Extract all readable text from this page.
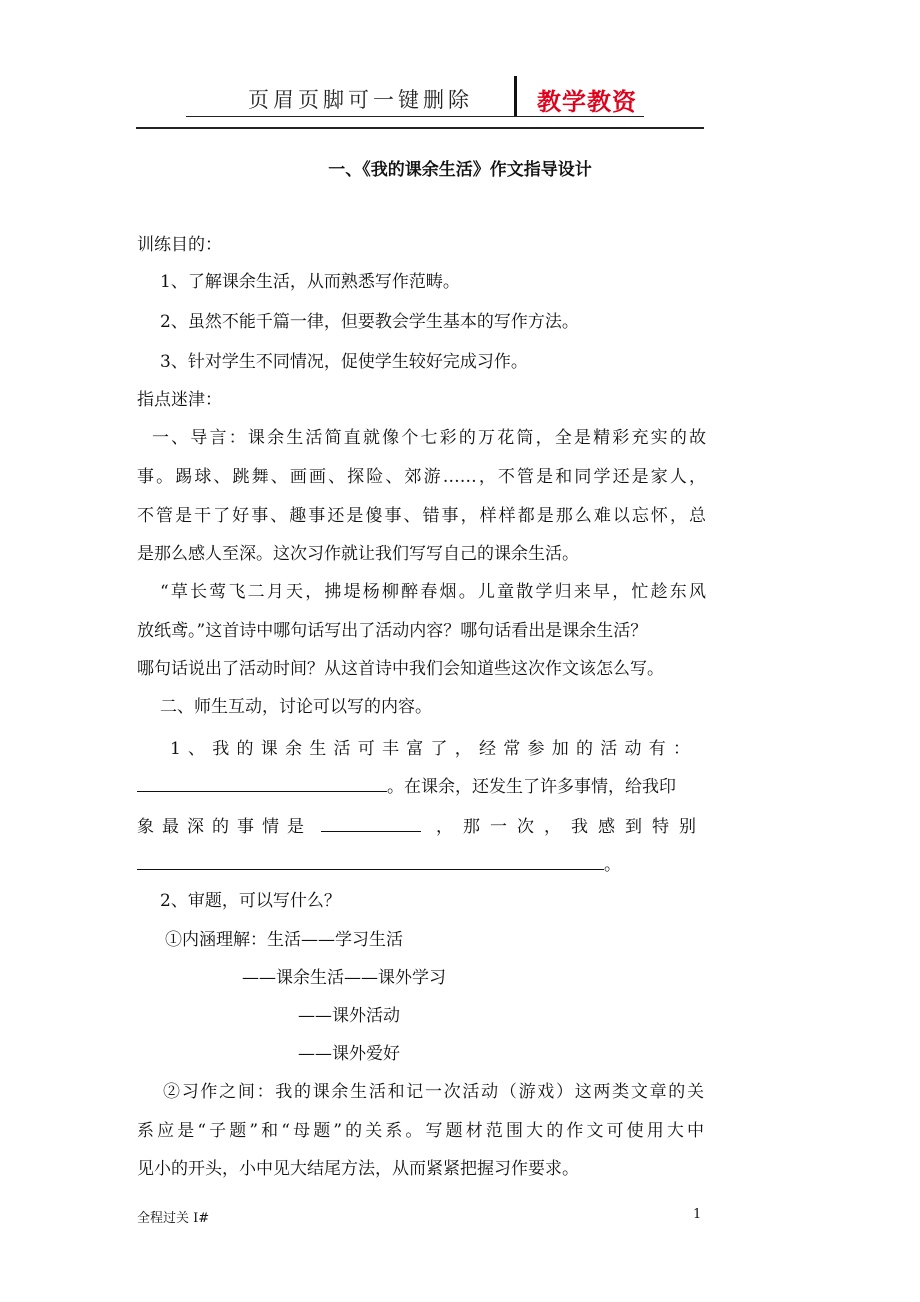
页眉页脚可一键删除	教学教资
一、《我的课余生活》作文指导设计
训练目的：
1、了解课余生活，从而熟悉写作范畴。
2、虽然不能千篇一律，但要教会学生基本的写作方法。
3、针对学生不同情况，促使学生较好完成习作。
指点迷津：
一、导言：课余生活简直就像个七彩的万花筒，全是精彩充实的故
事。踢球、跳舞、画画、探险、郊游……，不管是和同学还是家人，
不管是干了好事、趣事还是傻事、错事，样样都是那么难以忘怀，总
是那么感人至深。这次习作就让我们写写自己的课余生活。
“草长莺飞二月天，拂堤杨柳醉春烟。儿童散学归来早，忙趁东风
放纸鸢。”这首诗中哪句话写出了活动内容？哪句话看出是课余生活？
哪句话说出了活动时间？从这首诗中我们会知道些这次作文该怎么写。
二、师生互动，讨论可以写的内容。
1、我的课余生活可丰富了，经常参加的活动有：
。在课余，还发生了许多事情，给我印
象最深的事情是	，那一次，我感到特别
。
2、审题，可以写什么？
①内涵理解：生活——学习生活
——课余生活——课外学习
——课外活动
——课外爱好
②习作之间：我的课余生活和记一次活动（游戏）这两类文章的关
系应是“子题”和“母题”的关系。写题材范围大的作文可使用大中
见小的开头，小中见大结尾方法，从而紧紧把握习作要求。
全程过关 I#	1
